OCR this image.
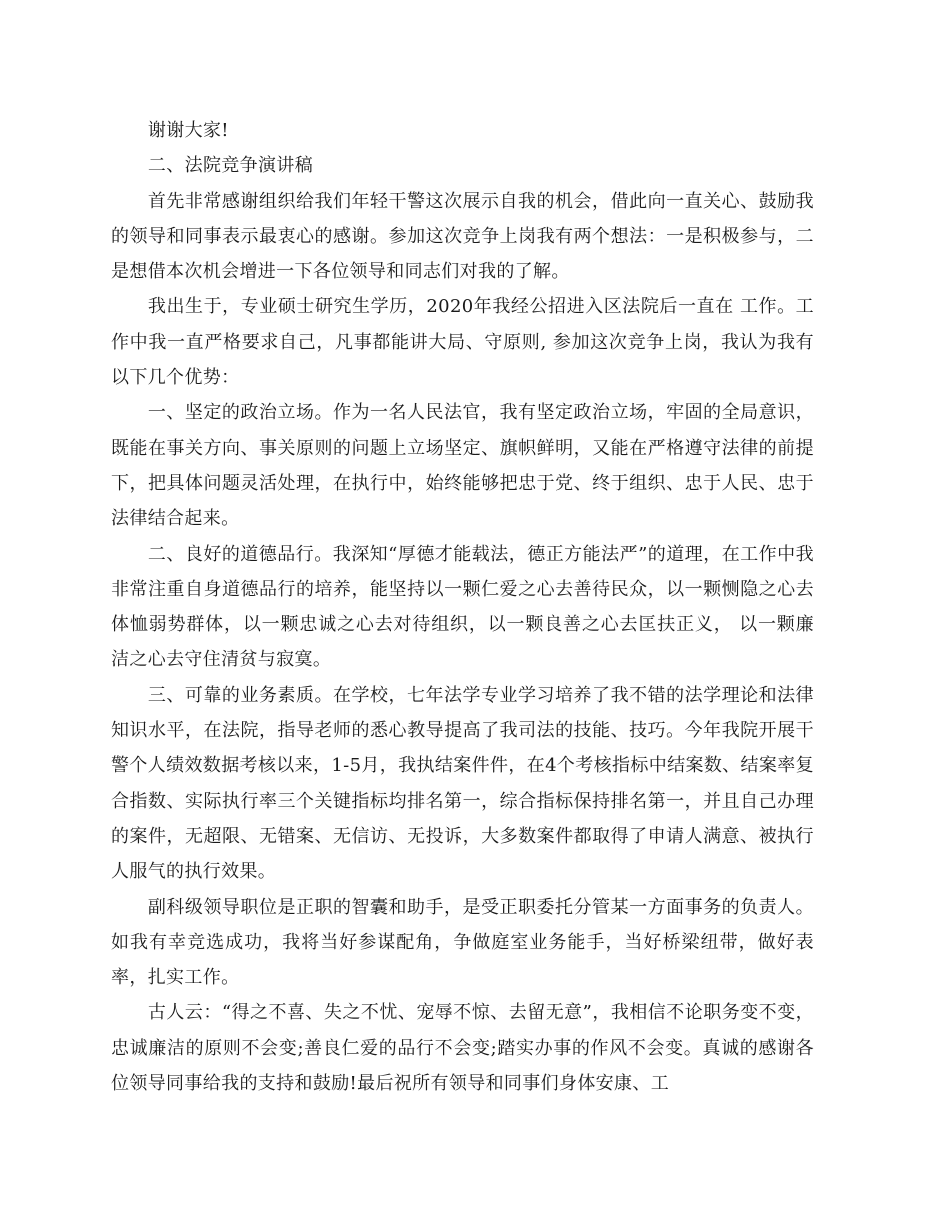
谢谢大家!

二、法院竞争演讲稿

首先非常感谢组织给我们年轻干警这次展示自我的机会，借此向一直关心、鼓励我的领导和同事表示最衷心的感谢。参加这次竞争上岗我有两个想法：一是积极参与，二是想借本次机会增进一下各位领导和同志们对我的了解。

我出生于，专业硕士研究生学历，2020年我经公招进入区法院后一直在 工作。工作中我一直严格要求自己，凡事都能讲大局、守原则, 参加这次竞争上岗，我认为我有以下几个优势：

一、坚定的政治立场。作为一名人民法官，我有坚定政治立场，牢固的全局意识，既能在事关方向、事关原则的问题上立场坚定、旗帜鲜明，又能在严格遵守法律的前提下，把具体问题灵活处理，在执行中，始终能够把忠于党、终于组织、忠于人民、忠于法律结合起来。

二、良好的道德品行。我深知“厚德才能载法，德正方能法严”的道理，在工作中我非常注重自身道德品行的培养，能坚持以一颗仁爱之心去善待民众，以一颗恻隐之心去体恤弱势群体，以一颗忠诚之心去对待组织，以一颗良善之心去匡扶正义， 以一颗廉洁之心去守住清贫与寂寞。

三、可靠的业务素质。在学校，七年法学专业学习培养了我不错的法学理论和法律知识水平，在法院，指导老师的悉心教导提高了我司法的技能、技巧。今年我院开展干警个人绩效数据考核以来，1-5月，我执结案件件，在4个考核指标中结案数、结案率复合指数、实际执行率三个关键指标均排名第一，综合指标保持排名第一，并且自己办理的案件，无超限、无错案、无信访、无投诉，大多数案件都取得了申请人满意、被执行人服气的执行效果。

副科级领导职位是正职的智囊和助手，是受正职委托分管某一方面事务的负责人。如我有幸竞选成功，我将当好参谋配角，争做庭室业务能手，当好桥梁纽带，做好表率，扎实工作。

古人云：“得之不喜、失之不忧、宠辱不惊、去留无意”，我相信不论职务变不变，忠诚廉洁的原则不会变;善良仁爱的品行不会变;踏实办事的作风不会变。真诚的感谢各位领导同事给我的支持和鼓励!最后祝所有领导和同事们身体安康、工
